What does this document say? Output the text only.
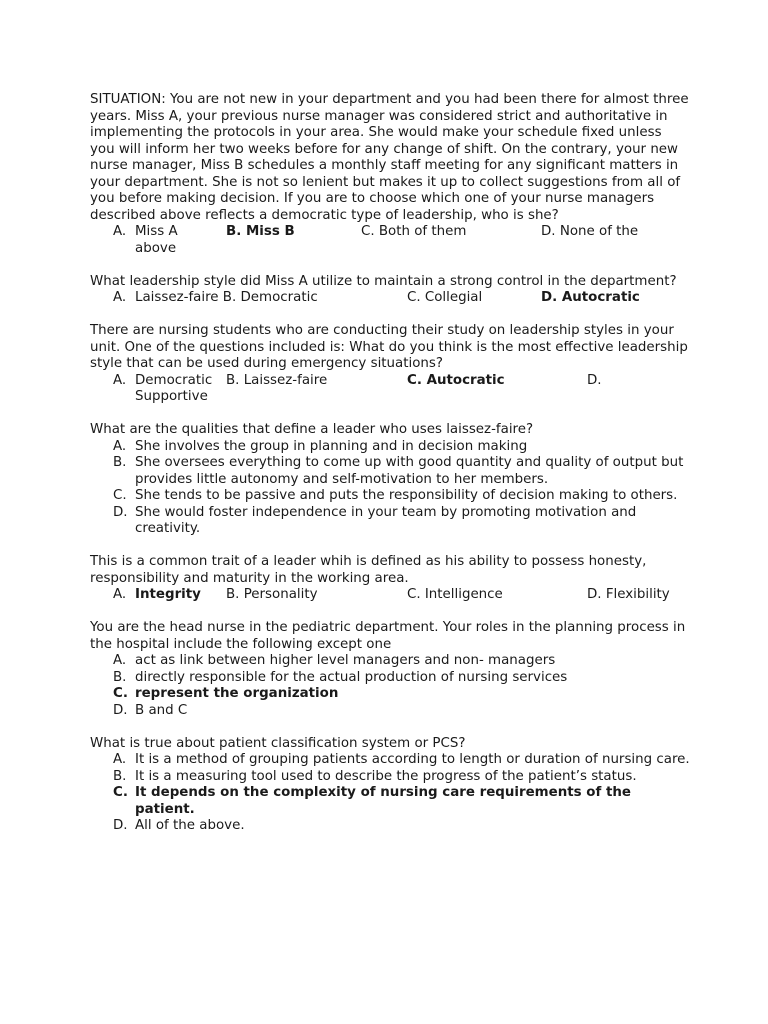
SITUATION: You are not new in your department and you had been there for almost three years. Miss A, your previous nurse manager was considered strict and authoritative in implementing the protocols in your area. She would make your schedule fixed unless you will inform her two weeks before for any change of shift. On the contrary, your new nurse manager, Miss B schedules a monthly staff meeting for any significant matters in your department. She is not so lenient but makes it up to collect suggestions from all of you before making decision. If you are to choose which one of your nurse managers described above reflects a democratic type of leadership, who is she?

A. Miss A	B. Miss B	C. Both of them	D. None of the
above

What leadership style did Miss A utilize to maintain a strong control in the department?

A. Laissez-faire B. Democratic	C. Collegial	D. Autocratic

There are nursing students who are conducting their study on leadership styles in your unit. One of the questions included is: What do you think is the most effective leadership style that can be used during emergency situations?

A. Democratic	B. Laissez-faire	C. Autocratic	D.
Supportive

What are the qualities that define a leader who uses laissez-faire?

A. She involves the group in planning and in decision making
B. She oversees everything to come up with good quantity and quality of output but provides little autonomy and self-motivation to her members.
C. She tends to be passive and puts the responsibility of decision making to others.
D. She would foster independence in your team by promoting motivation and creativity.

This is a common trait of a leader whih is defined as his ability to possess honesty, responsibility and maturity in the working area.

A. Integrity	B. Personality	C. Intelligence	D. Flexibility

You are the head nurse in the pediatric department. Your roles in the planning process in the hospital include the following except one

A. act as link between higher level managers and non- managers
B. directly responsible for the actual production of nursing services
C. represent the organization
D. B and C

What is true about patient classification system or PCS?

A. It is a method of grouping patients according to length or duration of nursing care.
B. It is a measuring tool used to describe the progress of the patient’s status.
C. It depends on the complexity of nursing care requirements of the patient.
D. All of the above.
